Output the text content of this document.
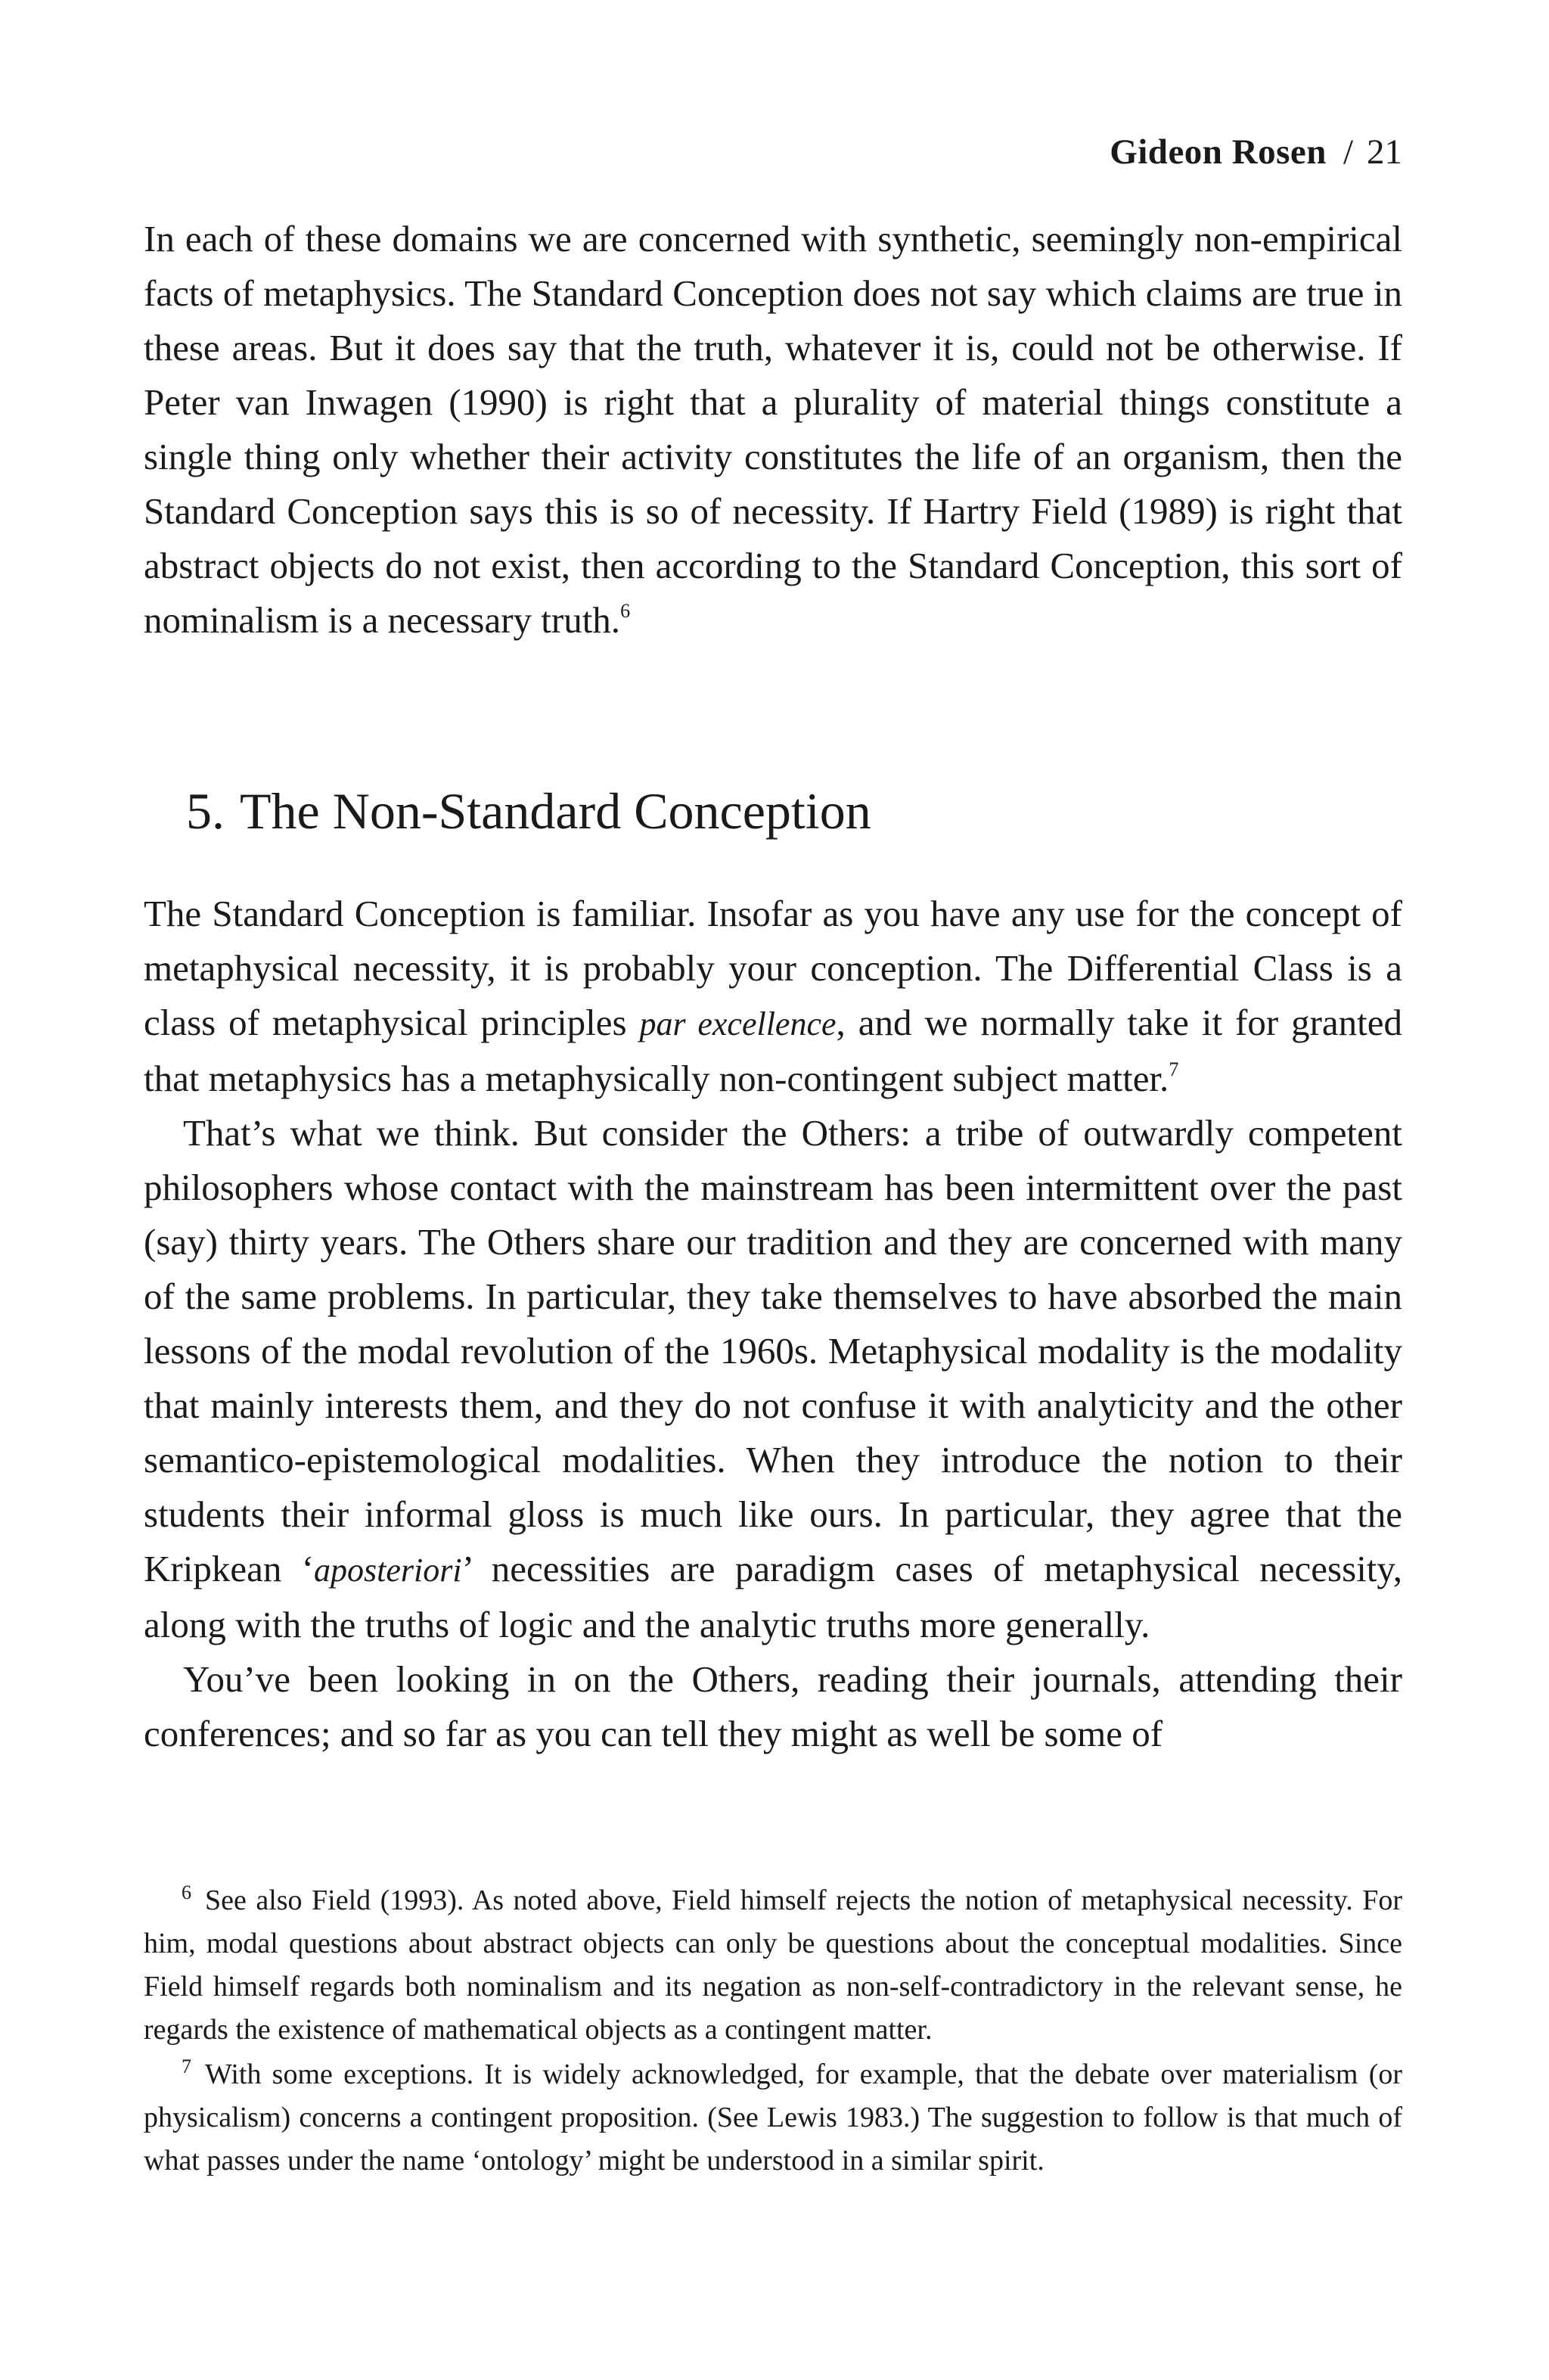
Gideon Rosen / 21

In each of these domains we are concerned with synthetic, seemingly non-empirical facts of metaphysics. The Standard Conception does not say which claims are true in these areas. But it does say that the truth, whatever it is, could not be otherwise. If Peter van Inwagen (1990) is right that a plurality of material things constitute a single thing only whether their activity constitutes the life of an organism, then the Standard Conception says this is so of necessity. If Hartry Field (1989) is right that abstract objects do not exist, then according to the Standard Conception, this sort of nominalism is a necessary truth.$^6$

5. The Non-Standard Conception

The Standard Conception is familiar. Insofar as you have any use for the concept of metaphysical necessity, it is probably your conception. The Differential Class is a class of metaphysical principles par excellence, and we normally take it for granted that metaphysics has a metaphysically non-contingent subject matter.$^7$

That’s what we think. But consider the Others: a tribe of outwardly competent philosophers whose contact with the mainstream has been intermittent over the past (say) thirty years. The Others share our tradition and they are concerned with many of the same problems. In particular, they take themselves to have absorbed the main lessons of the modal revolution of the 1960s. Metaphysical modality is the modality that mainly interests them, and they do not confuse it with analyticity and the other semantico-epistemological modalities. When they introduce the notion to their students their informal gloss is much like ours. In particular, they agree that the Kripkean ‘aposteriori’ necessities are paradigm cases of metaphysical necessity, along with the truths of logic and the analytic truths more generally.

You’ve been looking in on the Others, reading their journals, attending their conferences; and so far as you can tell they might as well be some of

6 See also Field (1993). As noted above, Field himself rejects the notion of metaphysical necessity. For him, modal questions about abstract objects can only be questions about the conceptual modalities. Since Field himself regards both nominalism and its negation as non-self-contradictory in the relevant sense, he regards the existence of mathematical objects as a contingent matter.

7 With some exceptions. It is widely acknowledged, for example, that the debate over materialism (or physicalism) concerns a contingent proposition. (See Lewis 1983.) The suggestion to follow is that much of what passes under the name ‘ontology’ might be understood in a similar spirit.
